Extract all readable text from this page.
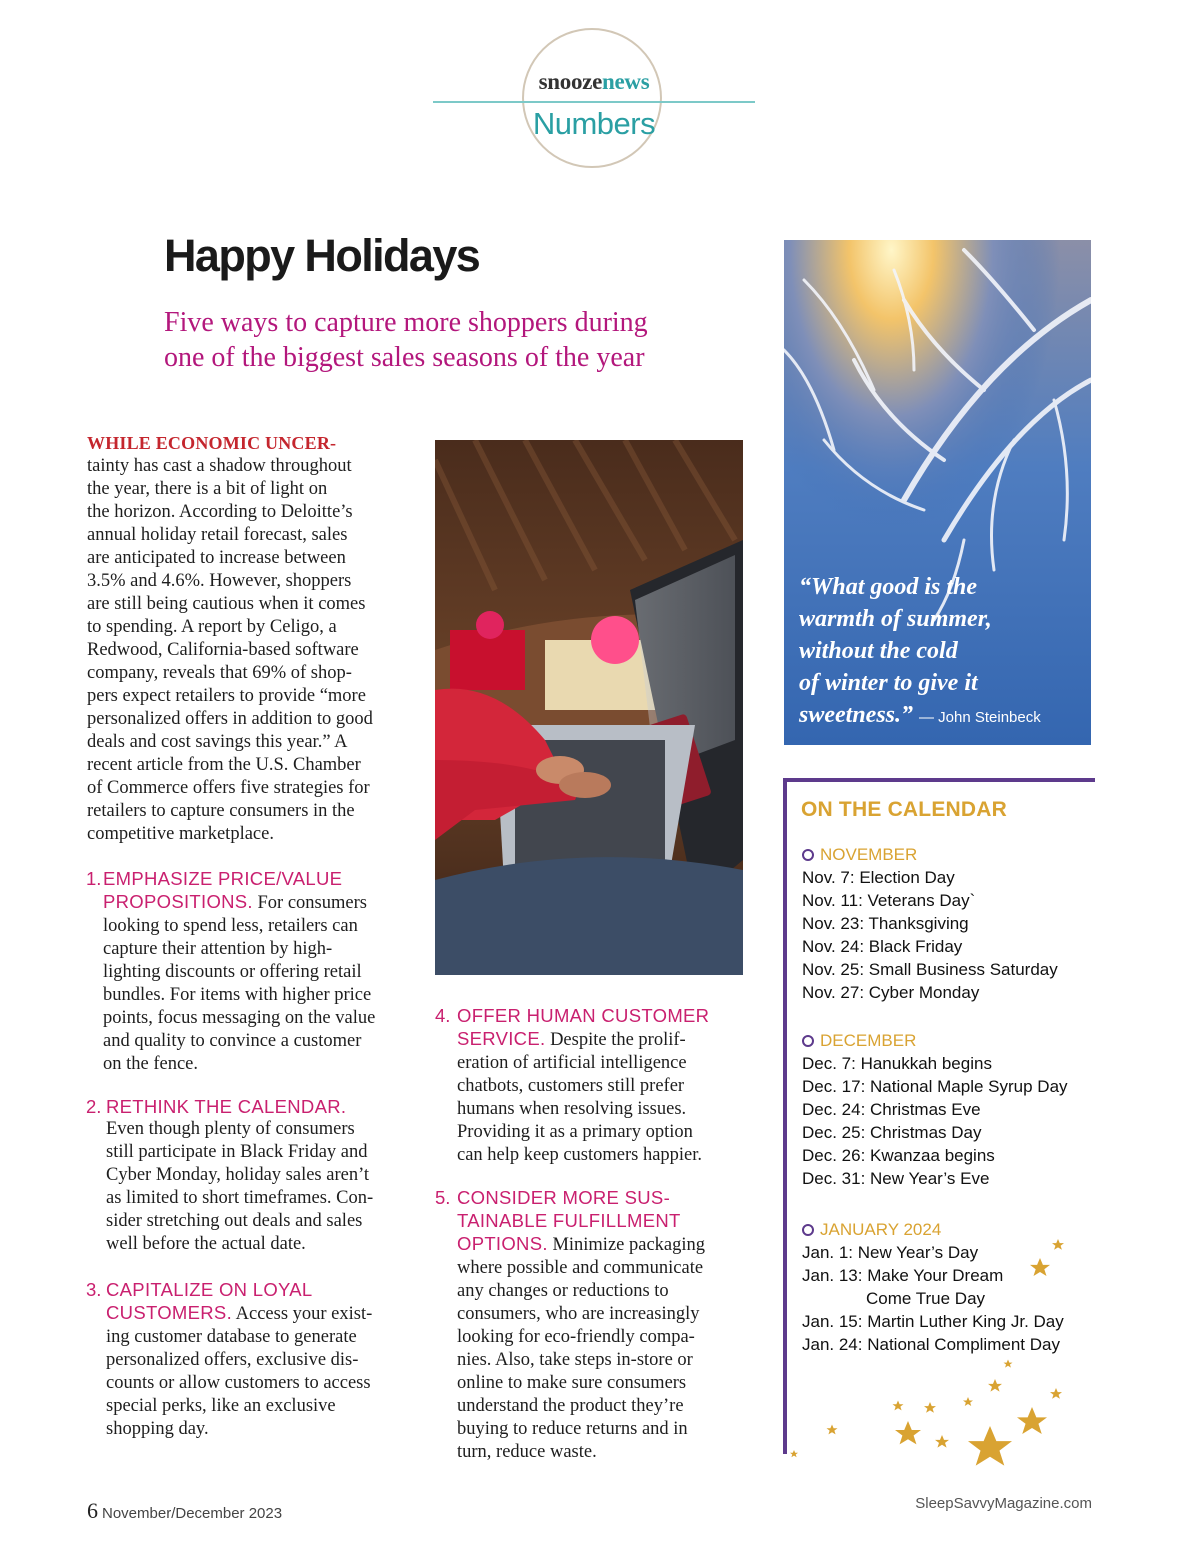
snoozenews
Numbers
Happy Holidays
Five ways to capture more shoppers during
one of the biggest sales seasons of the year
WHILE ECONOMIC UNCER-
tainty has cast a shadow throughout
the year, there is a bit of light on
the horizon. According to Deloitte’s
annual holiday retail forecast, sales
are anticipated to increase between
3.5% and 4.6%. However, shoppers
are still being cautious when it comes
to spending. A report by Celigo, a
Redwood, California-based software
company, reveals that 69% of shop-
pers expect retailers to provide “more
personalized offers in addition to good
deals and cost savings this year.” A
recent article from the U.S. Chamber
of Commerce offers five strategies for
retailers to capture consumers in the
competitive marketplace.
1. EMPHASIZE PRICE/VALUE
PROPOSITIONS. For consumers
looking to spend less, retailers can
capture their attention by high-
lighting discounts or offering retail
bundles. For items with higher price
points, focus messaging on the value
and quality to convince a customer
on the fence.
2. RETHINK THE CALENDAR.
Even though plenty of consumers
still participate in Black Friday and
Cyber Monday, holiday sales aren’t
as limited to short timeframes. Con-
sider stretching out deals and sales
well before the actual date.
3. CAPITALIZE ON LOYAL
CUSTOMERS. Access your exist-
ing customer database to generate
personalized offers, exclusive dis-
counts or allow customers to access
special perks, like an exclusive
shopping day.
4. OFFER HUMAN CUSTOMER
SERVICE. Despite the prolif-
eration of artificial intelligence
chatbots, customers still prefer
humans when resolving issues.
Providing it as a primary option
can help keep customers happier.
5. CONSIDER MORE SUS-
TAINABLE FULFILLMENT
OPTIONS. Minimize packaging
where possible and communicate
any changes or reductions to
consumers, who are increasingly
looking for eco-friendly compa-
nies. Also, take steps in-store or
online to make sure consumers
understand the product they’re
buying to reduce returns and in
turn, reduce waste.
“What good is the
warmth of summer,
without the cold
of winter to give it
sweetness.” — John Steinbeck
ON THE CALENDAR
NOVEMBER
Nov. 7: Election Day
Nov. 11: Veterans Day`
Nov. 23: Thanksgiving
Nov. 24: Black Friday
Nov. 25: Small Business Saturday
Nov. 27: Cyber Monday
DECEMBER
Dec. 7: Hanukkah begins
Dec. 17: National Maple Syrup Day
Dec. 24: Christmas Eve
Dec. 25: Christmas Day
Dec. 26: Kwanzaa begins
Dec. 31: New Year’s Eve
JANUARY 2024
Jan. 1: New Year’s Day
Jan. 13: Make Your Dream
Come True Day
Jan. 15: Martin Luther King Jr. Day
Jan. 24: National Compliment Day
6 November/December 2023
SleepSavvyMagazine.com
